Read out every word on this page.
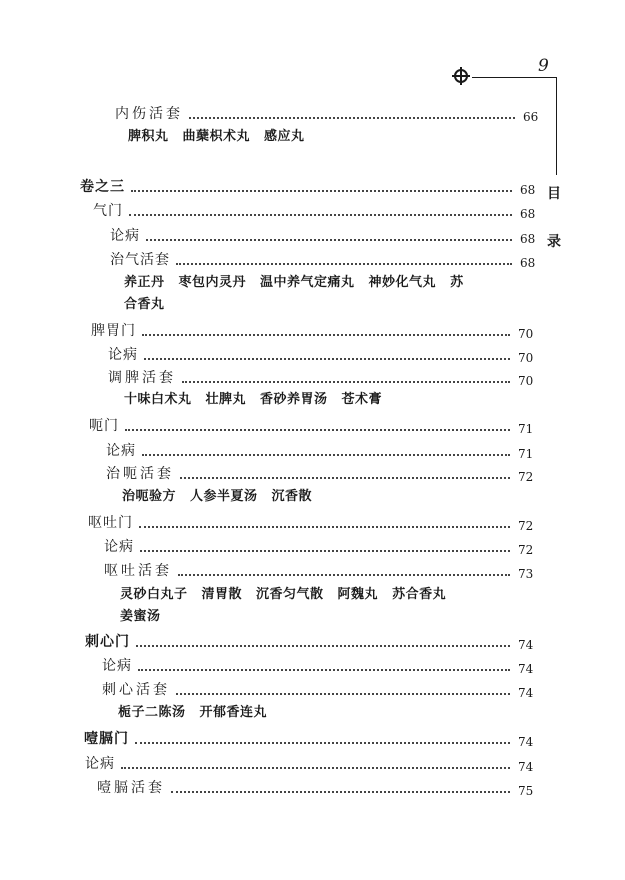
9
目
录
内伤活套	66
脾积丸 曲蘖枳术丸 感应丸
卷之三	68
气门	68
论病	68
治气活套	68
养正丹 枣包内灵丹 温中养气定痛丸 神妙化气丸 苏
合香丸
脾胃门	70
论病	70
调脾活套	70
十味白术丸 壮脾丸 香砂养胃汤 苍术膏
呃门	71
论病	71
治呃活套	72
治呃验方 人参半夏汤 沉香散
呕吐门	72
论病	72
呕吐活套	73
灵砂白丸子 清胃散 沉香匀气散 阿魏丸 苏合香丸
姜蜜汤
刺心门	74
论病	74
刺心活套	74
栀子二陈汤 开郁香连丸
噎膈门	74
论病	74
噎膈活套	75
